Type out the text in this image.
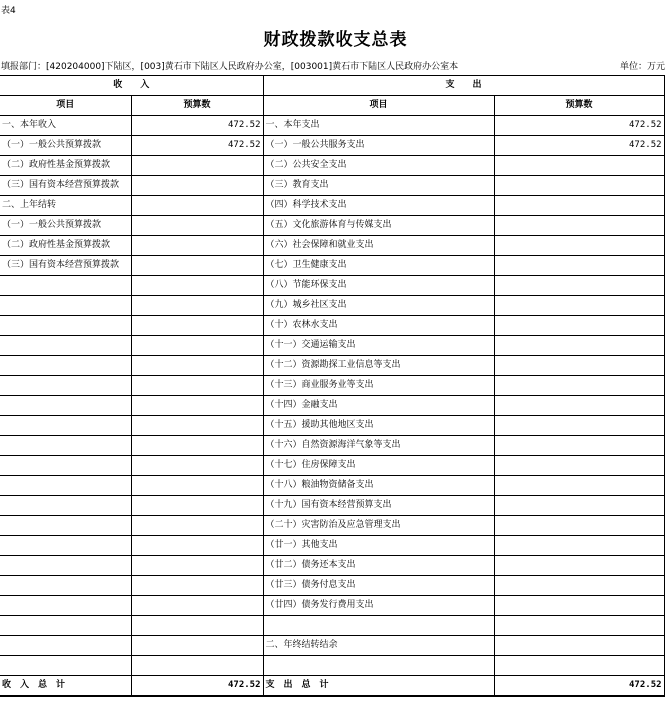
表4
财政拨款收支总表
填报部门：[420204000]下陆区，[003]黄石市下陆区人民政府办公室，[003001]黄石市下陆区人民政府办公室本	单位：万元
收　　入		支　　出	
项目	预算数	项目	预算数
一、本年收入	472.52	一、本年支出	472.52
（一）一般公共预算拨款	472.52	（一）一般公共服务支出	472.52
（二）政府性基金预算拨款		（二）公共安全支出	
（三）国有资本经营预算拨款		（三）教育支出	
二、上年结转		（四）科学技术支出	
（一）一般公共预算拨款		（五）文化旅游体育与传媒支出	
（二）政府性基金预算拨款		（六）社会保障和就业支出	
（三）国有资本经营预算拨款		（七）卫生健康支出	
		（八）节能环保支出	
		（九）城乡社区支出	
		（十）农林水支出	
		（十一）交通运输支出	
		（十二）资源勘探工业信息等支出	
		（十三）商业服务业等支出	
		（十四）金融支出	
		（十五）援助其他地区支出	
		（十六）自然资源海洋气象等支出	
		（十七）住房保障支出	
		（十八）粮油物资储备支出	
		（十九）国有资本经营预算支出	
		（二十）灾害防治及应急管理支出	
		（廿一）其他支出	
		（廿二）债务还本支出	
		（廿三）债务付息支出	
		（廿四）债务发行费用支出	

		二、年终结转结余	

收　入　总　计	472.52	支　出　总　计	472.52
